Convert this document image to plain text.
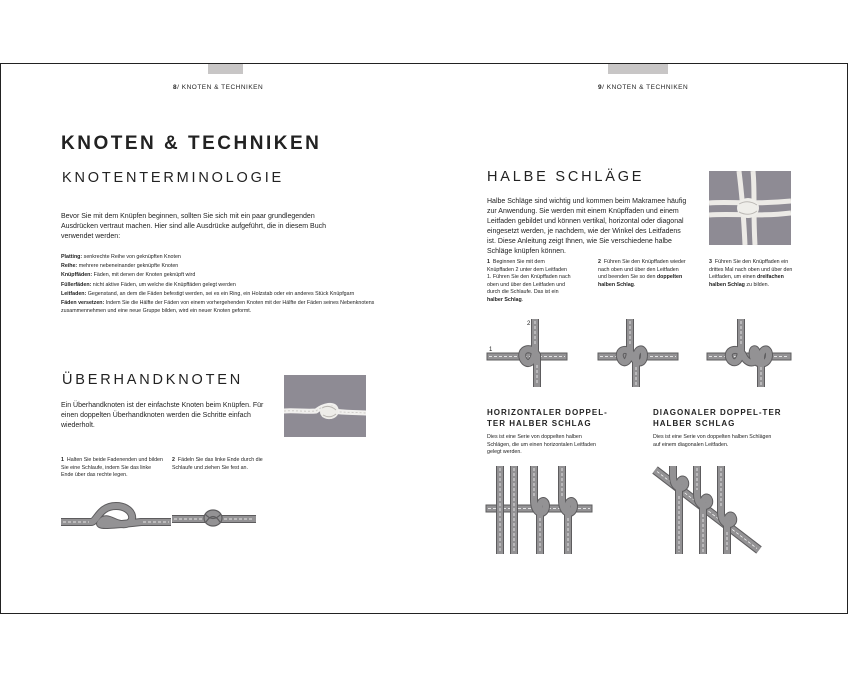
8/ KNOTEN & TECHNIKEN	9/ KNOTEN & TECHNIKEN
KNOTEN & TECHNIKEN
KNOTENTERMINOLOGIE
Bevor Sie mit dem Knüpfen beginnen, sollten Sie sich mit ein paar grundlegenden Ausdrücken vertraut machen. Hier sind alle Ausdrücke aufgeführt, die in diesem Buch verwendet werden:
Platting: senkrechte Reihe von geknüpften Knoten
Reihe: mehrere nebeneinander geknüpfte Knoten
Knüpffäden: Fäden, mit denen der Knoten geknüpft wird
Füllerfäden: nicht aktive Fäden, um welche die Knüpffäden gelegt werden
Leitfaden: Gegenstand, an dem die Fäden befestigt werden, sei es ein Ring, ein Holzstab oder ein anderes Stück Knüpfgarn
Fäden versetzen: Indem Sie die Hälfte der Fäden von einem vorhergehenden Knoten mit der Hälfte der Fäden seines Nebenknotens zusammennehmen und eine neue Gruppe bilden, wird ein neuer Knoten geformt.
ÜBERHANDKNOTEN
Ein Überhandknoten ist der einfachste Knoten beim Knüpfen. Für einen doppelten Überhandknoten werden die Schritte einfach wiederholt.
1 Halten Sie beide Fadenenden und bilden Sie eine Schlaufe, indem Sie das linke Ende über das rechte legen.
2 Fädeln Sie das linke Ende durch die Schlaufe und ziehen Sie fest an.
HALBE SCHLÄGE
Halbe Schläge sind wichtig und kommen beim Makramee häufig zur Anwendung. Sie werden mit einem Knüpffaden und einem Leitfaden gebildet und können vertikal, horizontal oder diagonal eingesetzt werden, je nachdem, wie der Winkel des Leitfadens ist. Diese Anleitung zeigt Ihnen, wie Sie verschiedene halbe Schläge knüpfen können.
1 Beginnen Sie mit dem Knüpffaden 2 unter dem Leitfaden 1. Führen Sie den Knüpffaden nach oben und über den Leitfaden und durch die Schlaufe. Das ist ein halber Schlag.
2 Führen Sie den Knüpffaden wieder nach oben und über den Leitfaden und beenden Sie so den doppelten halben Schlag.
3 Führen Sie den Knüpffaden ein drittes Mal nach oben und über den Leitfaden, um einen dreifachen halben Schlag zu bilden.
1
2
HORIZONTALER DOPPEL-TER HALBER SCHLAG
Dies ist eine Serie von doppelten halben Schlägen, die um einen horizontalen Leitfaden gelegt werden.
DIAGONALER DOPPEL-TER HALBER SCHLAG
Dies ist eine Serie von doppelten halben Schlägen auf einem diagonalen Leitfaden.
